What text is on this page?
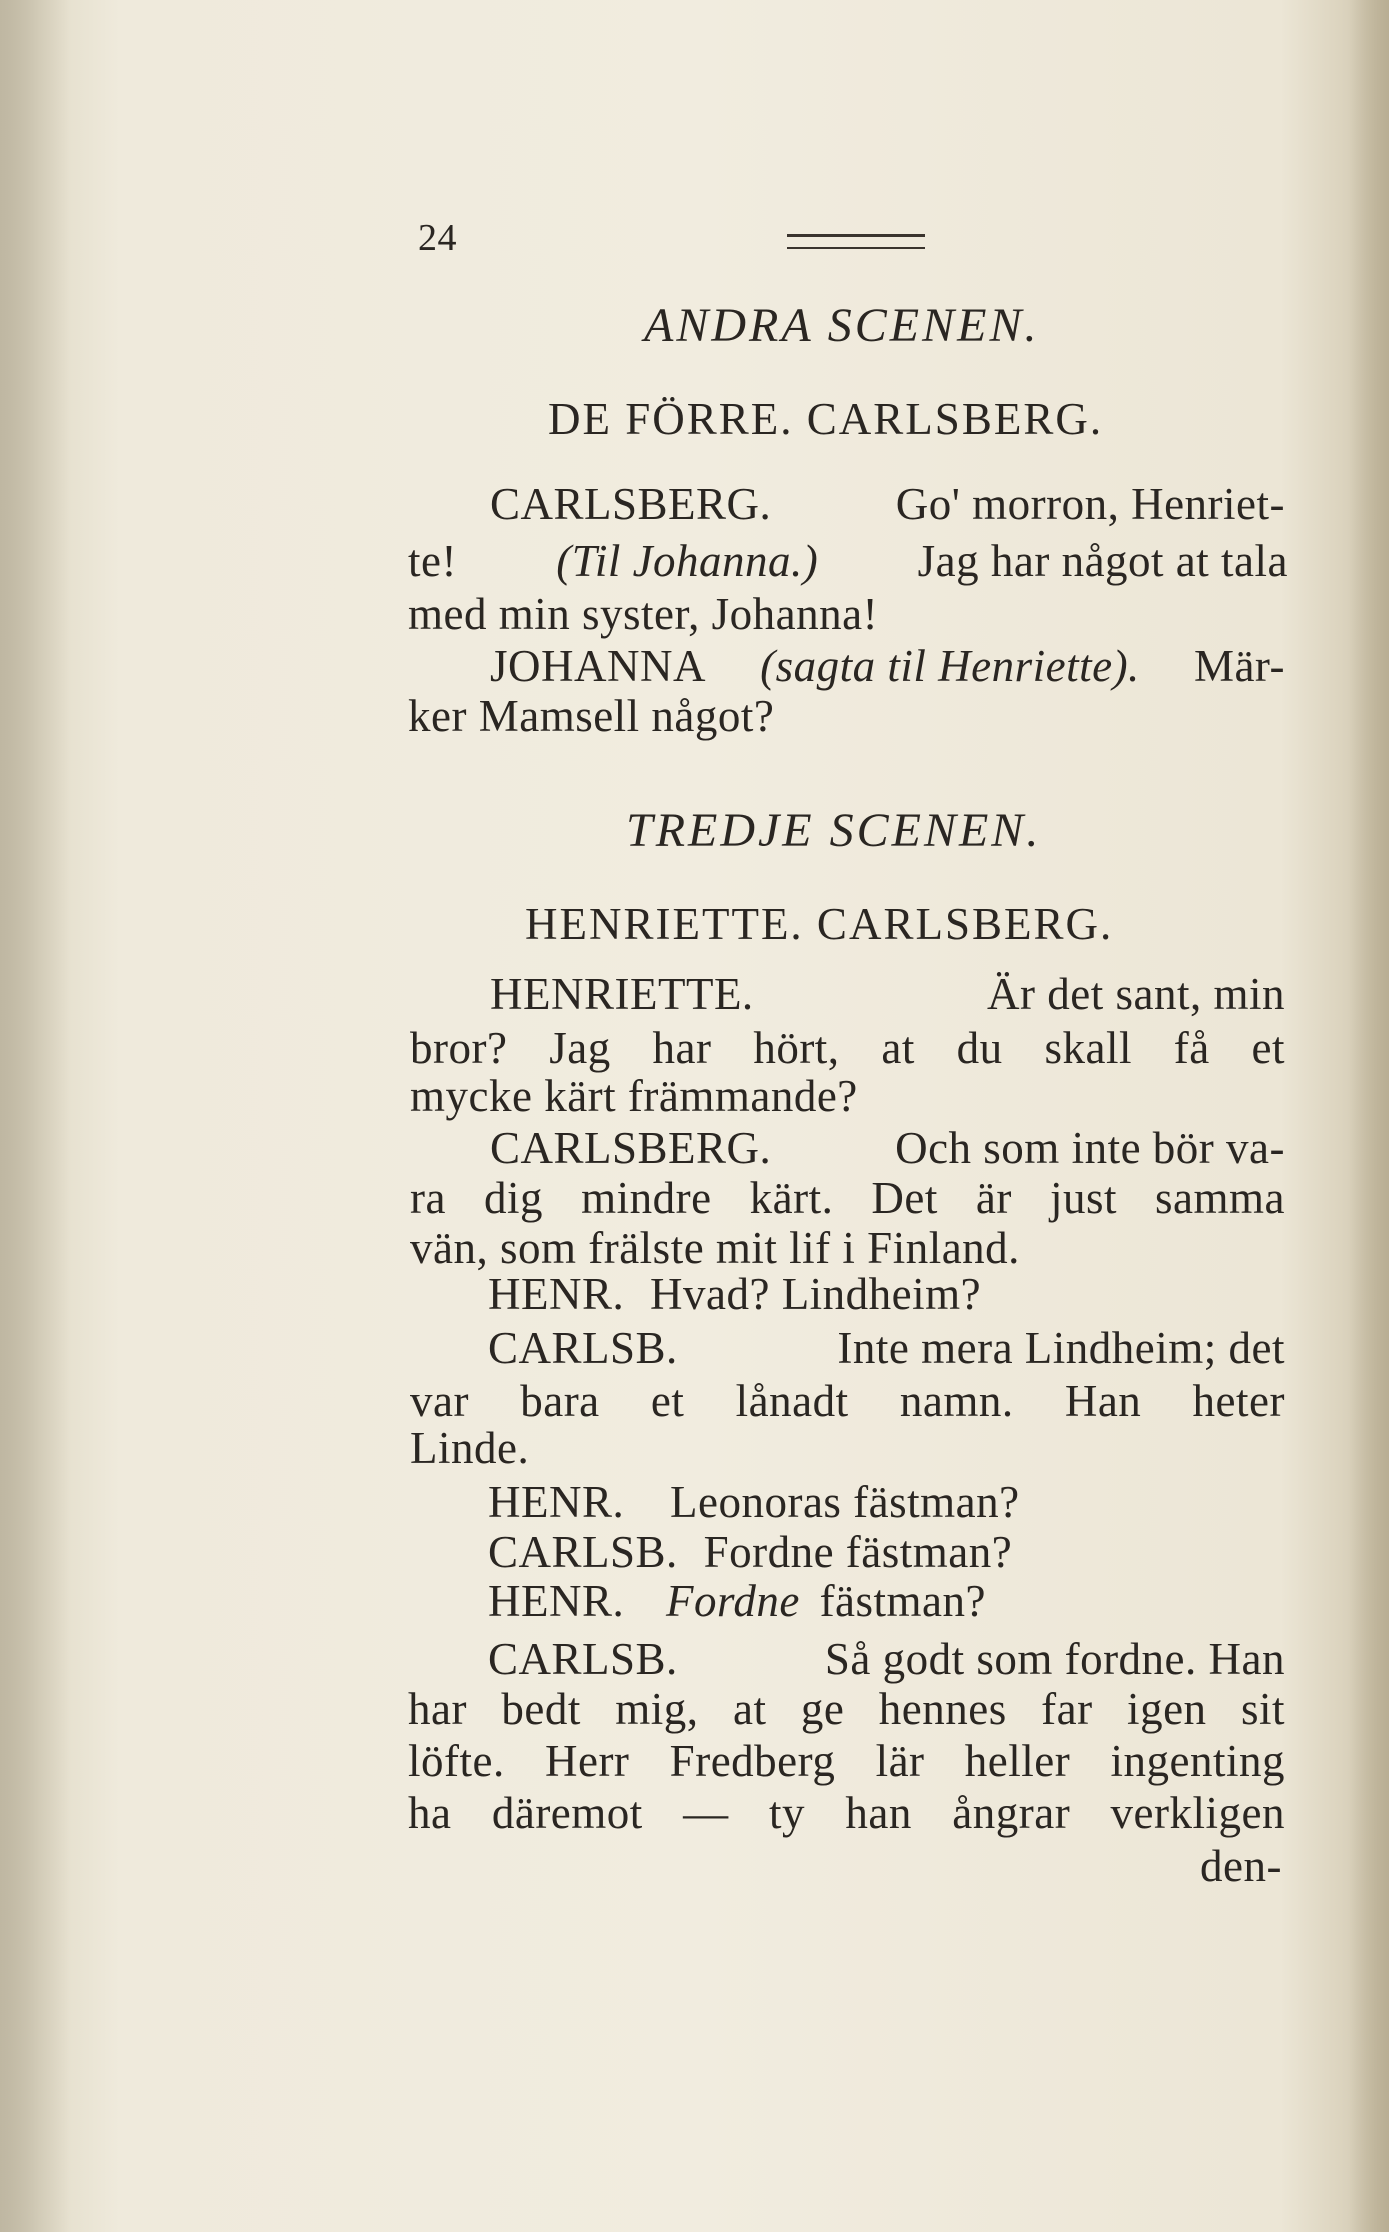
24
ANDRA SCENEN.
DE FÖRRE. CARLSBERG.
CARLSBERG.	Go' morron, Henriet-
te! (Til Johanna.) Jag har något at tala
med min syster, Johanna!
JOHANNA (sagta til Henriette). Mär-
ker Mamsell något?
TREDJE SCENEN.
HENRIETTE. CARLSBERG.
HENRIETTE.	Är det sant, min
bror? Jag har hört, at du skall få et
mycke kärt främmande?
CARLSBERG.	Och som inte bör va-
ra dig mindre kärt. Det är just samma
vän, som frälste mit lif i Finland.
HENR. Hvad? Lindheim?
CARLSB.	Inte mera Lindheim; det
var bara et lånadt namn. Han heter
Linde.
HENR. Leonoras fästman?
CARLSB. Fordne fästman?
HENR. Fordne fästman?
CARLSB.	Så godt som fordne. Han
har bedt mig, at ge hennes far igen sit
löfte. Herr Fredberg lär heller ingenting
ha däremot — ty han ångrar verkligen
den-
